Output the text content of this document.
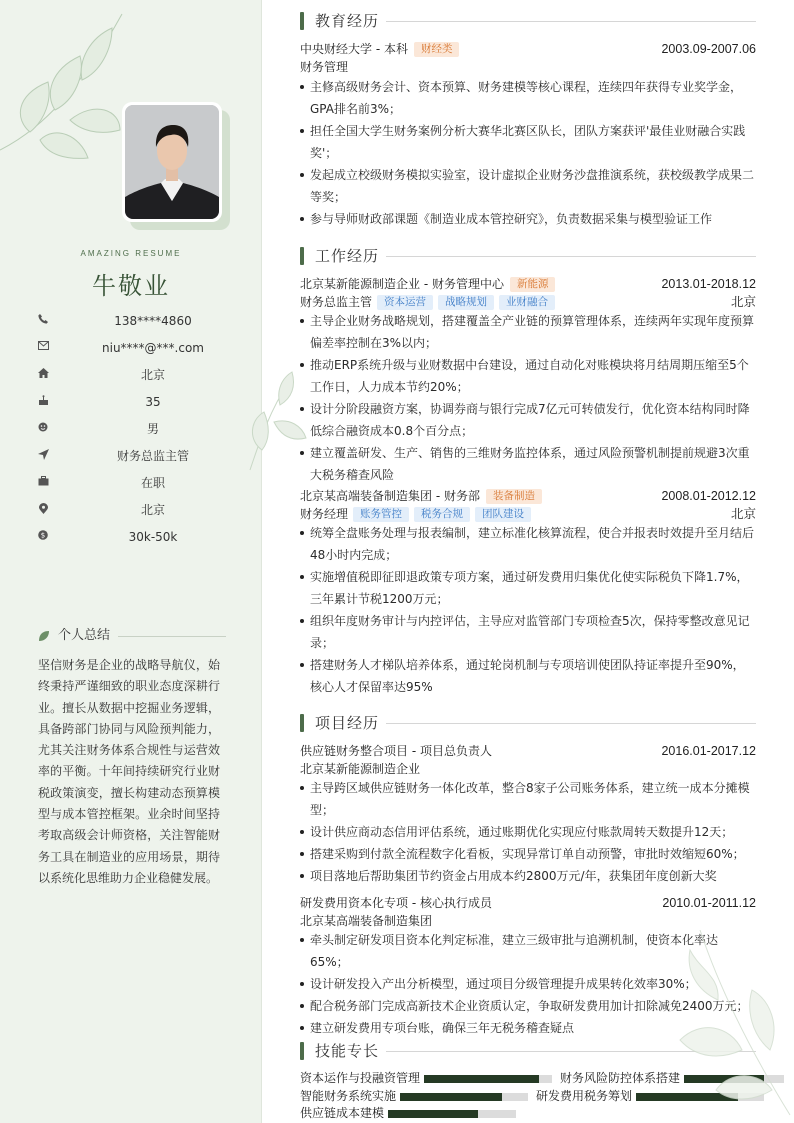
AMAZING RESUME
牛敬业
138****4860
niu****@***.com
北京
35
男
财务总监主管
在职
北京
$	30k-50k
个人总结
坚信财务是企业的战略导航仪，始终秉持严谨细致的职业态度深耕行业。擅长从数据中挖掘业务逻辑，具备跨部门协同与风险预判能力，尤其关注财务体系合规性与运营效率的平衡。十年间持续研究行业财税政策演变，擅长构建动态预算模型与成本管控框架。业余时间坚持考取高级会计师资格，关注智能财务工具在制造业的应用场景，期待以系统化思维助力企业稳健发展。
教育经历
中央财经大学 - 本科 财经类	2003.09-2007.06
财务管理
主修高级财务会计、资本预算、财务建模等核心课程，连续四年获得专业奖学金，GPA排名前3%；
担任全国大学生财务案例分析大赛华北赛区队长，团队方案获评'最佳业财融合实践奖'；
发起成立校级财务模拟实验室，设计虚拟企业财务沙盘推演系统，获校级教学成果二等奖；
参与导师财政部课题《制造业成本管控研究》，负责数据采集与模型验证工作
工作经历
北京某新能源制造企业 - 财务管理中心 新能源	2013.01-2018.12
财务总监主管 资本运营 战略规划 业财融合	北京
主导企业财务战略规划，搭建覆盖全产业链的预算管理体系，连续两年实现年度预算偏差率控制在3%以内；
推动ERP系统升级与业财数据中台建设，通过自动化对账模块将月结周期压缩至5个工作日，人力成本节约20%；
设计分阶段融资方案，协调券商与银行完成7亿元可转债发行，优化资本结构同时降低综合融资成本0.8个百分点；
建立覆盖研发、生产、销售的三维财务监控体系，通过风险预警机制提前规避3次重大税务稽查风险
北京某高端装备制造集团 - 财务部 装备制造	2008.01-2012.12
财务经理 账务管控 税务合规 团队建设	北京
统筹全盘账务处理与报表编制，建立标准化核算流程，使合并报表时效提升至月结后48小时内完成；
实施增值税即征即退政策专项方案，通过研发费用归集优化使实际税负下降1.7%，三年累计节税1200万元；
组织年度财务审计与内控评估，主导应对监管部门专项检查5次，保持零整改意见记录；
搭建财务人才梯队培养体系，通过轮岗机制与专项培训使团队持证率提升至90%，核心人才保留率达95%
项目经历
供应链财务整合项目 - 项目总负责人	2016.01-2017.12
北京某新能源制造企业
主导跨区域供应链财务一体化改革，整合8家子公司账务体系，建立统一成本分摊模型；
设计供应商动态信用评估系统，通过账期优化实现应付账款周转天数提升12天；
搭建采购到付款全流程数字化看板，实现异常订单自动预警，审批时效缩短60%；
项目落地后帮助集团节约资金占用成本约2800万元/年，获集团年度创新大奖
研发费用资本化专项 - 核心执行成员	2010.01-2011.12
北京某高端装备制造集团
牵头制定研发项目资本化判定标准，建立三级审批与追溯机制，使资本化率达65%；
设计研发投入产出分析模型，通过项目分级管理提升成果转化效率30%；
配合税务部门完成高新技术企业资质认定，争取研发费用加计扣除减免2400万元；
建立研发费用专项台账，确保三年无税务稽查疑点
技能专长
资本运作与投融资管理	财务风险防控体系搭建
智能财务系统实施	研发费用税务筹划
供应链成本建模
